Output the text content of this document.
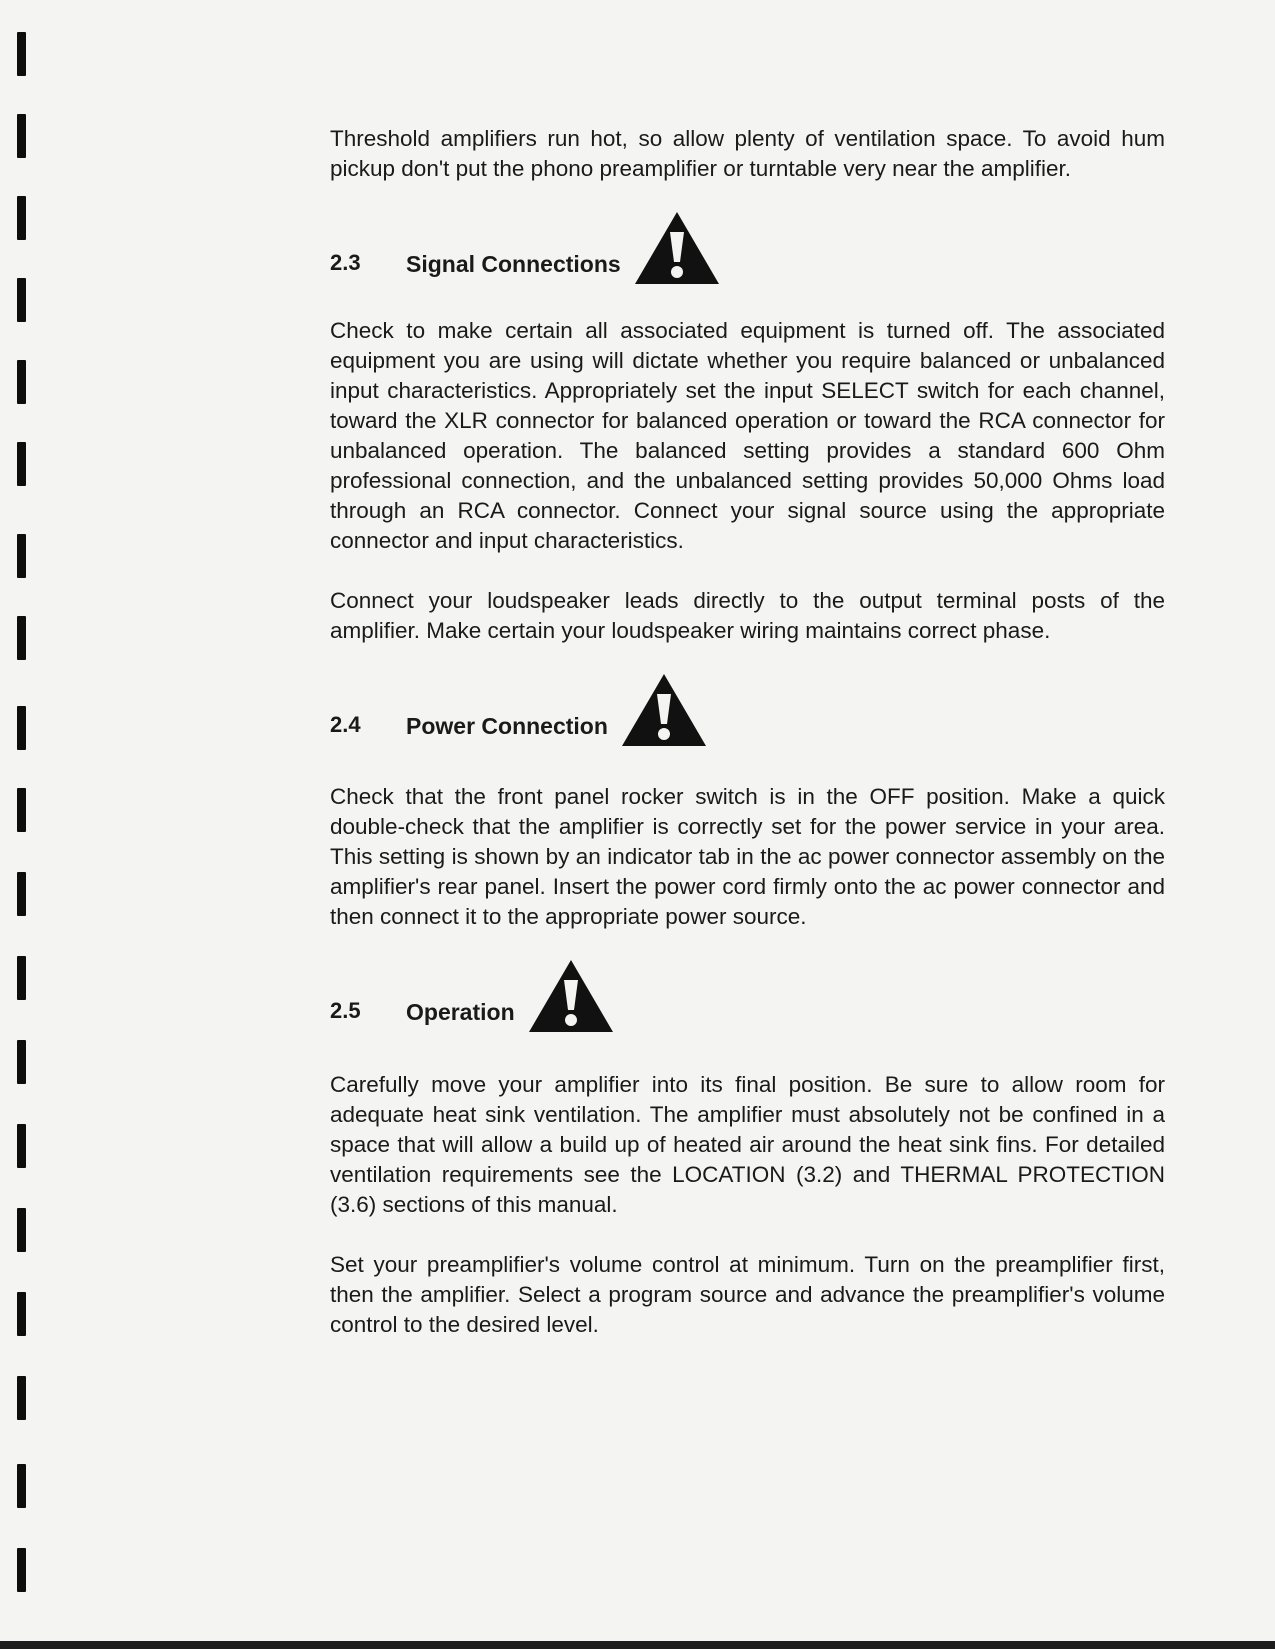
Threshold amplifiers run hot, so allow plenty of ventilation space. To avoid hum pickup don't put the phono preamplifier or turntable very near the amplifier.

2.3	Signal Connections

Check to make certain all associated equipment is turned off. The associated equipment you are using will dictate whether you require balanced or unbalanced input characteristics. Appropriately set the input SELECT switch for each channel, toward the XLR connector for balanced operation or toward the RCA connector for unbalanced operation. The balanced setting provides a standard 600 Ohm professional connection, and the unbalanced setting provides 50,000 Ohms load through an RCA connector. Connect your signal source using the appropriate connector and input characteristics.

Connect your loudspeaker leads directly to the output terminal posts of the amplifier. Make certain your loudspeaker wiring maintains correct phase.

2.4	Power Connection

Check that the front panel rocker switch is in the OFF position. Make a quick double-check that the amplifier is correctly set for the power service in your area. This setting is shown by an indicator tab in the ac power connector assembly on the amplifier's rear panel. Insert the power cord firmly onto the ac power connector and then connect it to the appropriate power source.

2.5	Operation

Carefully move your amplifier into its final position. Be sure to allow room for adequate heat sink ventilation. The amplifier must absolutely not be confined in a space that will allow a build up of heated air around the heat sink fins. For detailed ventilation requirements see the LOCATION (3.2) and THERMAL PROTECTION (3.6) sections of this manual.

Set your preamplifier's volume control at minimum. Turn on the preamplifier first, then the amplifier. Select a program source and advance the preamplifier's volume control to the desired level.
